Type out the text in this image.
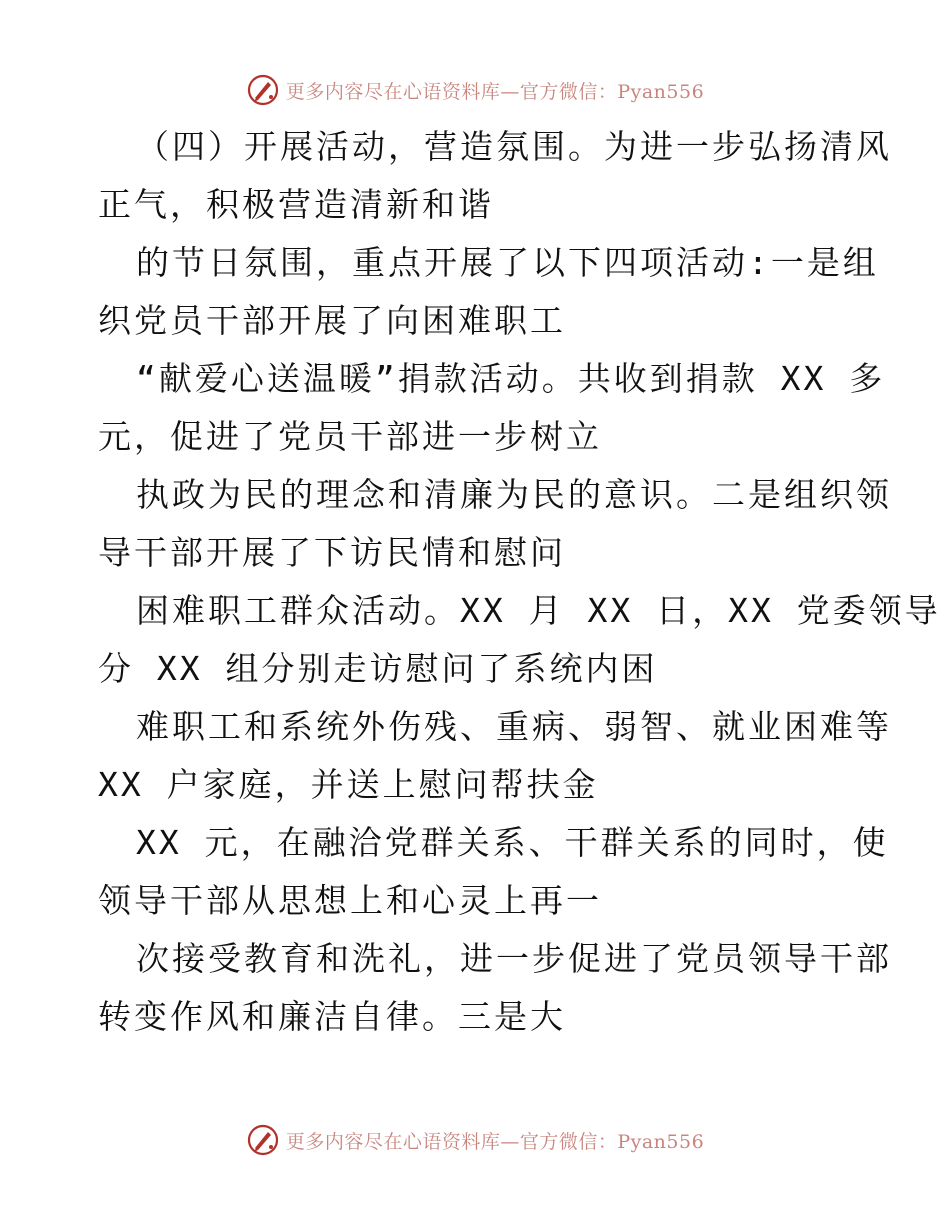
更多内容尽在心语资料库—官方微信：Pyan556
（四）开展活动，营造氛围。为进一步弘扬清风
正气，积极营造清新和谐
的节日氛围，重点开展了以下四项活动:一是组
织党员干部开展了向困难职工
“献爱心送温暖”捐款活动。共收到捐款 XX 多
元，促进了党员干部进一步树立
执政为民的理念和清廉为民的意识。二是组织领
导干部开展了下访民情和慰问
困难职工群众活动。XX 月 XX 日，XX 党委领导
分 XX 组分别走访慰问了系统内困
难职工和系统外伤残、重病、弱智、就业困难等
XX 户家庭，并送上慰问帮扶金
XX 元，在融洽党群关系、干群关系的同时，使
领导干部从思想上和心灵上再一
次接受教育和洗礼，进一步促进了党员领导干部
转变作风和廉洁自律。三是大
更多内容尽在心语资料库—官方微信：Pyan556
